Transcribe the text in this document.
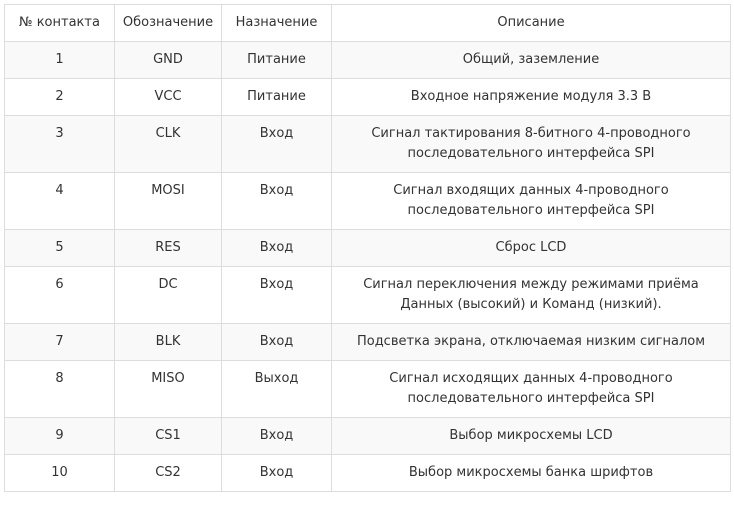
№ контакта	Обозначение	Назначение	Описание
1	GND	Питание	Общий, заземление
2	VCC	Питание	Входное напряжение модуля 3.3 В
3	CLK	Вход	Сигнал тактирования 8-битного 4-проводного последовательного интерфейса SPI
4	MOSI	Вход	Сигнал входящих данных 4-проводного последовательного интерфейса SPI
5	RES	Вход	Сброс LCD
6	DC	Вход	Сигнал переключения между режимами приёма Данных (высокий) и Команд (низкий).
7	BLK	Вход	Подсветка экрана, отключаемая низким сигналом
8	MISO	Выход	Сигнал исходящих данных 4-проводного последовательного интерфейса SPI
9	CS1	Вход	Выбор микросхемы LCD
10	CS2	Вход	Выбор микросхемы банка шрифтов
